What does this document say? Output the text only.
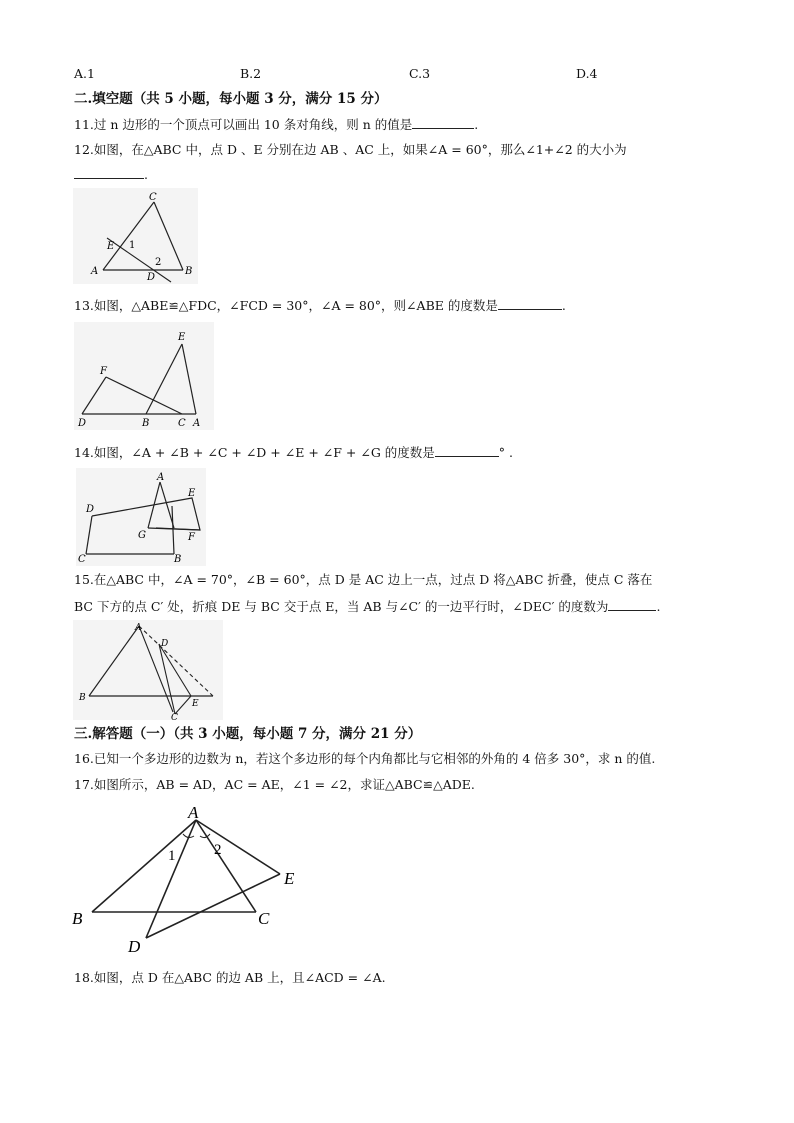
A.1	B.2	C.3	D.4
二.填空题（共 5 小题，每小题 3 分，满分 15 分）
11.过 n 边形的一个顶点可以画出 10 条对角线，则 n 的值是	.
12.如图，在△ABC 中，点 D 、E 分别在边 AB 、AC 上，如果∠A = 60°，那么∠1+∠2 的大小为
.
C
E 1
2
A
D
B
13.如图，△ABE≌△FDC，∠FCD = 30°，∠A = 80°，则∠ABE 的度数是	.
E
F
D	B	C A
14.如图，∠A + ∠B + ∠C + ∠D + ∠E + ∠F + ∠G 的度数是	° .
A
E
D
G	F
C	B
15.在△ABC 中，∠A = 70°，∠B = 60°，点 D 是 AC 边上一点，过点 D 将△ABC 折叠，使点 C 落在
BC 下方的点 C′ 处，折痕 DE 与 BC 交于点 E，当 AB 与∠C′ 的一边平行时，∠DEC′ 的度数为	.
A
D
B
E
C
三.解答题（一）（共 3 小题，每小题 7 分，满分 21 分）
16.已知一个多边形的边数为 n，若这个多边形的每个内角都比与它相邻的外角的 4 倍多 30°，求 n 的值.
17.如图所示，AB = AD，AC = AE，∠1 = ∠2，求证△ABC≌△ADE.
A
1	2
E
B	C
D
18.如图，点 D 在△ABC 的边 AB 上，且∠ACD = ∠A.
